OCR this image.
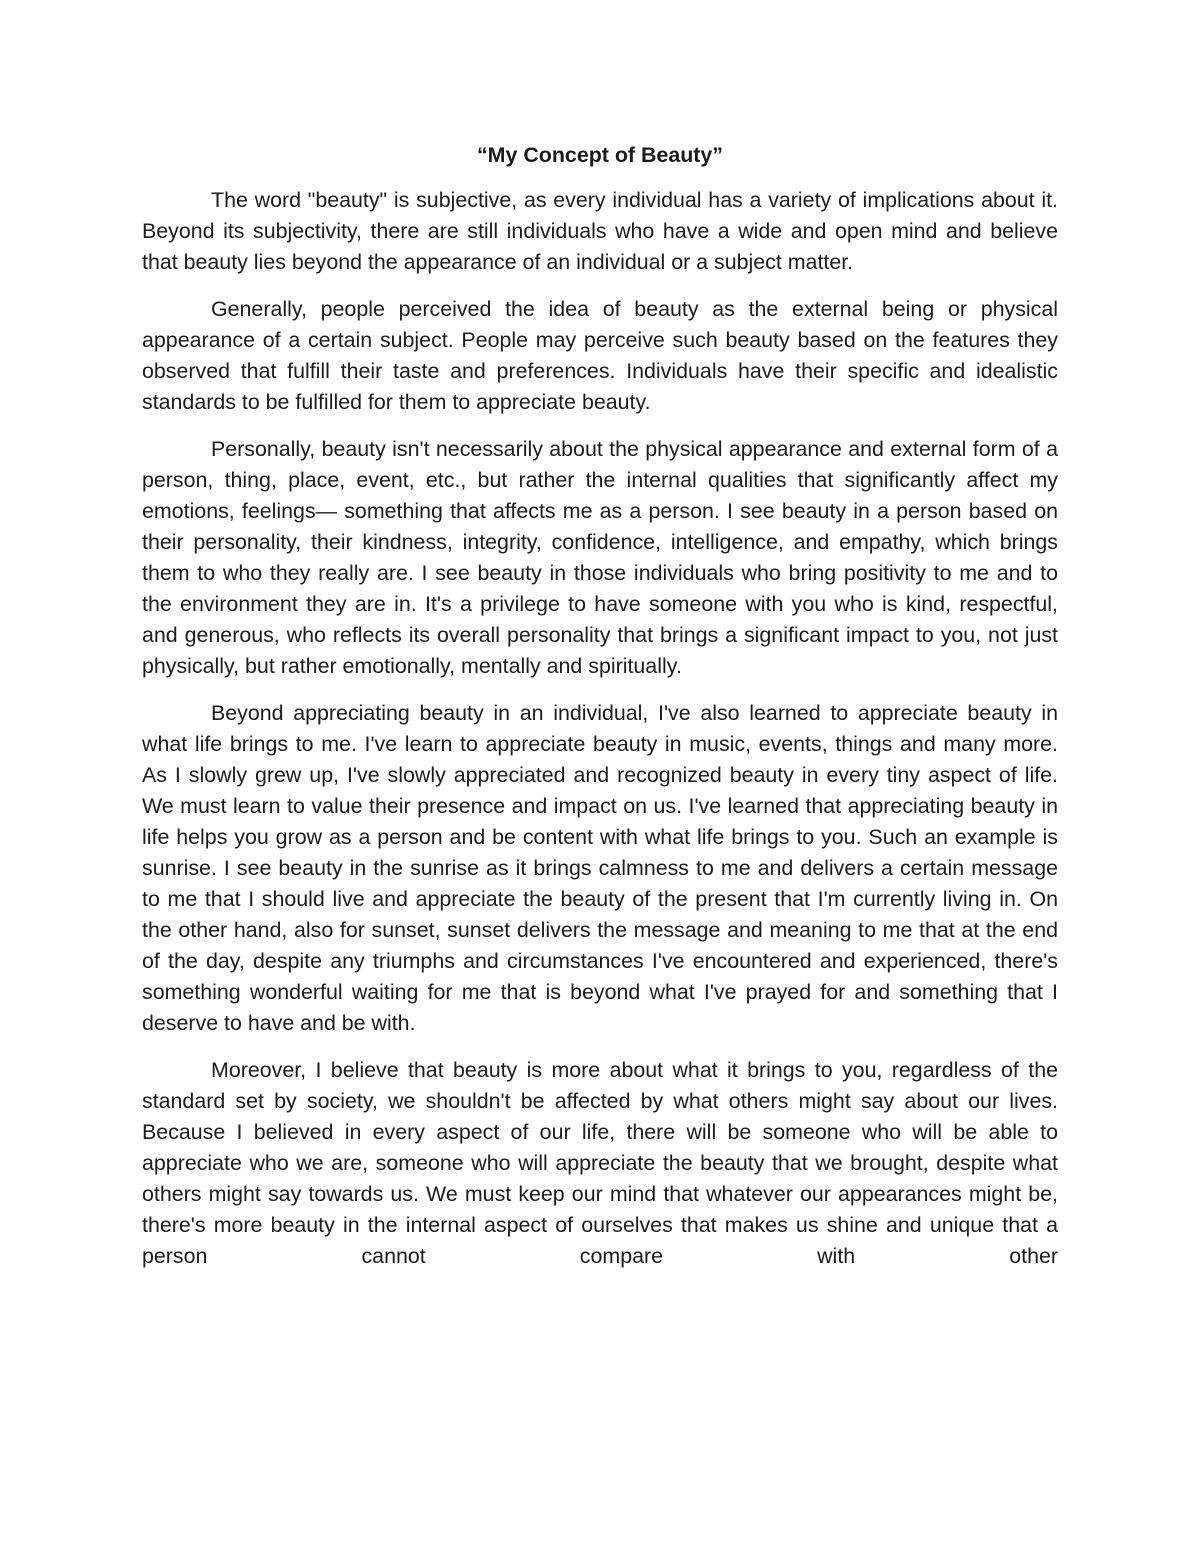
“My Concept of Beauty”

The word "beauty" is subjective, as every individual has a variety of implications about it. Beyond its subjectivity, there are still individuals who have a wide and open mind and believe that beauty lies beyond the appearance of an individual or a subject matter.

Generally, people perceived the idea of beauty as the external being or physical appearance of a certain subject. People may perceive such beauty based on the features they observed that fulfill their taste and preferences. Individuals have their specific and idealistic standards to be fulfilled for them to appreciate beauty.

Personally, beauty isn't necessarily about the physical appearance and external form of a person, thing, place, event, etc., but rather the internal qualities that significantly affect my emotions, feelings— something that affects me as a person. I see beauty in a person based on their personality, their kindness, integrity, confidence, intelligence, and empathy, which brings them to who they really are. I see beauty in those individuals who bring positivity to me and to the environment they are in. It's a privilege to have someone with you who is kind, respectful, and generous, who reflects its overall personality that brings a significant impact to you, not just physically, but rather emotionally, mentally and spiritually.

Beyond appreciating beauty in an individual, I've also learned to appreciate beauty in what life brings to me. I've learn to appreciate beauty in music, events, things and many more. As I slowly grew up, I've slowly appreciated and recognized beauty in every tiny aspect of life. We must learn to value their presence and impact on us. I've learned that appreciating beauty in life helps you grow as a person and be content with what life brings to you. Such an example is sunrise. I see beauty in the sunrise as it brings calmness to me and delivers a certain message to me that I should live and appreciate the beauty of the present that I'm currently living in. On the other hand, also for sunset, sunset delivers the message and meaning to me that at the end of the day, despite any triumphs and circumstances I've encountered and experienced, there's something wonderful waiting for me that is beyond what I've prayed for and something that I deserve to have and be with.

Moreover, I believe that beauty is more about what it brings to you, regardless of the standard set by society, we shouldn't be affected by what others might say about our lives. Because I believed in every aspect of our life, there will be someone who will be able to appreciate who we are, someone who will appreciate the beauty that we brought, despite what others might say towards us. We must keep our mind that whatever our appearances might be, there's more beauty in the internal aspect of ourselves that makes us shine and unique that a person cannot compare with other
